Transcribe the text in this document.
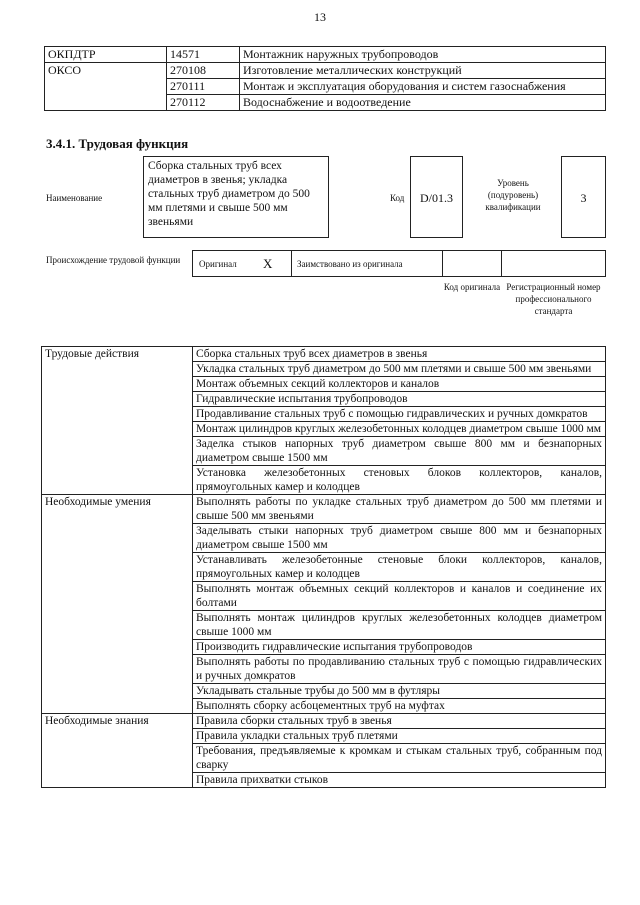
13
ОКПДТР	14571	Монтажник наружных трубопроводов
ОКСО	270108	Изготовление металлических конструкций
	270111	Монтаж и эксплуатация оборудования и систем газоснабжения
	270112	Водоснабжение и водоотведение
3.4.1. Трудовая функция
Наименование
Сборка стальных труб всех диаметров в звенья; укладка стальных труб диаметром до 500 мм плетями и свыше 500 мм звеньями
Код	D/01.3
Уровень (подуровень) квалификации
3
Происхождение трудовой функции	Оригинал X	Заимствовано из оригинала
Код оригинала Регистрационный номер профессионального стандарта
Трудовые действия	Сборка стальных труб всех диаметров в звенья
	Укладка стальных труб диаметром до 500 мм плетями и свыше 500 мм звеньями
	Монтаж объемных секций коллекторов и каналов
	Гидравлические испытания трубопроводов
	Продавливание стальных труб с помощью гидравлических и ручных домкратов
	Монтаж цилиндров круглых железобетонных колодцев диаметром свыше 1000 мм
	Заделка стыков напорных труб диаметром свыше 800 мм и безнапорных диаметром свыше 1500 мм
	Установка железобетонных стеновых блоков коллекторов, каналов, прямоугольных камер и колодцев
Необходимые умения	Выполнять работы по укладке стальных труб диаметром до 500 мм плетями и свыше 500 мм звеньями
	Заделывать стыки напорных труб диаметром свыше 800 мм и безнапорных диаметром свыше 1500 мм
	Устанавливать железобетонные стеновые блоки коллекторов, каналов, прямоугольных камер и колодцев
	Выполнять монтаж объемных секций коллекторов и каналов и соединение их болтами
	Выполнять монтаж цилиндров круглых железобетонных колодцев диаметром свыше 1000 мм
	Производить гидравлические испытания трубопроводов
	Выполнять работы по продавливанию стальных труб с помощью гидравлических и ручных домкратов
	Укладывать стальные трубы до 500 мм в футляры
	Выполнять сборку асбоцементных труб на муфтах
Необходимые знания	Правила сборки стальных труб в звенья
	Правила укладки стальных труб плетями
	Требования, предъявляемые к кромкам и стыкам стальных труб, собранным под сварку
	Правила прихватки стыков
